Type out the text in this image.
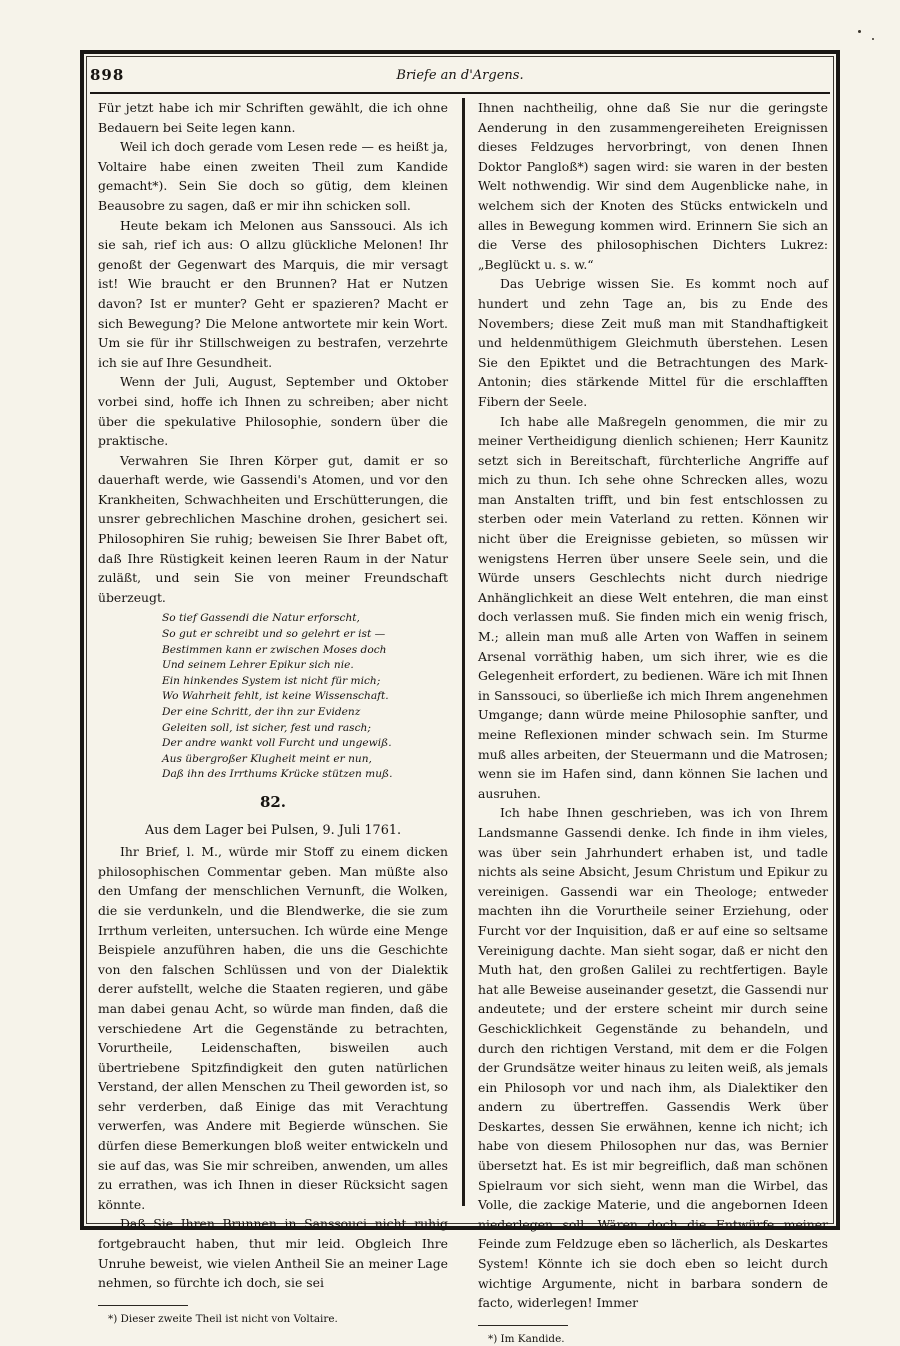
898	Briefe an d'Argens.

Für jetzt habe ich mir Schriften gewählt, die ich ohne Bedauern bei Seite legen kann.

Weil ich doch gerade vom Lesen rede — es heißt ja, Voltaire habe einen zweiten Theil zum Kandide gemacht*). Sein Sie doch so gütig, dem kleinen Beausobre zu sagen, daß er mir ihn schicken soll.

Heute bekam ich Melonen aus Sanssouci. Als ich sie sah, rief ich aus: O allzu glückliche Melonen! Ihr genoßt der Gegenwart des Marquis, die mir versagt ist! Wie braucht er den Brunnen? Hat er Nutzen davon? Ist er munter? Geht er spazieren? Macht er sich Bewegung? Die Melone antwortete mir kein Wort. Um sie für ihr Stillschweigen zu bestrafen, verzehrte ich sie auf Ihre Gesundheit.

Wenn der Juli, August, September und Oktober vorbei sind, hoffe ich Ihnen zu schreiben; aber nicht über die spekulative Philosophie, sondern über die praktische.

Verwahren Sie Ihren Körper gut, damit er so dauerhaft werde, wie Gassendi's Atomen, und vor den Krankheiten, Schwachheiten und Erschütterungen, die unsrer gebrechlichen Maschine drohen, gesichert sei. Philosophiren Sie ruhig; beweisen Sie Ihrer Babet oft, daß Ihre Rüstigkeit keinen leeren Raum in der Natur zuläßt, und sein Sie von meiner Freundschaft überzeugt.

So tief Gassendi die Natur erforscht,
So gut er schreibt und so gelehrt er ist —
Bestimmen kann er zwischen Moses doch
Und seinem Lehrer Epikur sich nie.
Ein hinkendes System ist nicht für mich;
Wo Wahrheit fehlt, ist keine Wissenschaft.
Der eine Schritt, der ihn zur Evidenz
Geleiten soll, ist sicher, fest und rasch;
Der andre wankt voll Furcht und ungewiß.
Aus übergroßer Klugheit meint er nun,
Daß ihn des Irrthums Krücke stützen muß.
82.
Aus dem Lager bei Pulsen, 9. Juli 1761.

Ihr Brief, l. M., würde mir Stoff zu einem dicken philosophischen Commentar geben. Man müßte also den Umfang der menschlichen Vernunft, die Wolken, die sie verdunkeln, und die Blendwerke, die sie zum Irrthum verleiten, untersuchen. Ich würde eine Menge Beispiele anzuführen haben, die uns die Geschichte von den falschen Schlüssen und von der Dialektik derer aufstellt, welche die Staaten regieren, und gäbe man dabei genau Acht, so würde man finden, daß die verschiedene Art die Gegenstände zu betrachten, Vorurtheile, Leidenschaften, bisweilen auch übertriebene Spitzfindigkeit den guten natürlichen Verstand, der allen Menschen zu Theil geworden ist, so sehr verderben, daß Einige das mit Verachtung verwerfen, was Andere mit Begierde wünschen. Sie dürfen diese Bemerkungen bloß weiter entwickeln und sie auf das, was Sie mir schreiben, anwenden, um alles zu errathen, was ich Ihnen in dieser Rücksicht sagen könnte.

Daß Sie Ihren Brunnen in Sanssouci nicht ruhig fortgebraucht haben, thut mir leid. Obgleich Ihre Unruhe beweist, wie vielen Antheil Sie an meiner Lage nehmen, so fürchte ich doch, sie sei

*) Dieser zweite Theil ist nicht von Voltaire.

Ihnen nachtheilig, ohne daß Sie nur die geringste Aenderung in den zusammengereiheten Ereignissen dieses Feldzuges hervorbringt, von denen Ihnen Doktor Pangloß*) sagen wird: sie waren in der besten Welt nothwendig. Wir sind dem Augenblicke nahe, in welchem sich der Knoten des Stücks entwickeln und alles in Bewegung kommen wird. Erinnern Sie sich an die Verse des philosophischen Dichters Lukrez: „Beglückt u. s. w.“

Das Uebrige wissen Sie. Es kommt noch auf hundert und zehn Tage an, bis zu Ende des Novembers; diese Zeit muß man mit Standhaftigkeit und heldenmüthigem Gleichmuth überstehen. Lesen Sie den Epiktet und die Betrachtungen des Mark-Antonin; dies stärkende Mittel für die erschlafften Fibern der Seele.

Ich habe alle Maßregeln genommen, die mir zu meiner Vertheidigung dienlich schienen; Herr Kaunitz setzt sich in Bereitschaft, fürchterliche Angriffe auf mich zu thun. Ich sehe ohne Schrecken alles, wozu man Anstalten trifft, und bin fest entschlossen zu sterben oder mein Vaterland zu retten. Können wir nicht über die Ereignisse gebieten, so müssen wir wenigstens Herren über unsere Seele sein, und die Würde unsers Geschlechts nicht durch niedrige Anhänglichkeit an diese Welt entehren, die man einst doch verlassen muß. Sie finden mich ein wenig frisch, M.; allein man muß alle Arten von Waffen in seinem Arsenal vorräthig haben, um sich ihrer, wie es die Gelegenheit erfordert, zu bedienen. Wäre ich mit Ihnen in Sanssouci, so überließe ich mich Ihrem angenehmen Umgange; dann würde meine Philosophie sanfter, und meine Reflexionen minder schwach sein. Im Sturme muß alles arbeiten, der Steuermann und die Matrosen; wenn sie im Hafen sind, dann können Sie lachen und ausruhen.

Ich habe Ihnen geschrieben, was ich von Ihrem Landsmanne Gassendi denke. Ich finde in ihm vieles, was über sein Jahrhundert erhaben ist, und tadle nichts als seine Absicht, Jesum Christum und Epikur zu vereinigen. Gassendi war ein Theologe; entweder machten ihn die Vorurtheile seiner Erziehung, oder Furcht vor der Inquisition, daß er auf eine so seltsame Vereinigung dachte. Man sieht sogar, daß er nicht den Muth hat, den großen Galilei zu rechtfertigen. Bayle hat alle Beweise auseinander gesetzt, die Gassendi nur andeutete; und der erstere scheint mir durch seine Geschicklichkeit Gegenstände zu behandeln, und durch den richtigen Verstand, mit dem er die Folgen der Grundsätze weiter hinaus zu leiten weiß, als jemals ein Philosoph vor und nach ihm, als Dialektiker den andern zu übertreffen. Gassendis Werk über Deskartes, dessen Sie erwähnen, kenne ich nicht; ich habe von diesem Philosophen nur das, was Bernier übersetzt hat. Es ist mir begreiflich, daß man schönen Spielraum vor sich sieht, wenn man die Wirbel, das Volle, die zackige Materie, und die angebornen Ideen niederlegen soll. Wären doch die Entwürfe meiner Feinde zum Feldzuge eben so lächerlich, als Deskartes System! Könnte ich sie doch eben so leicht durch wichtige Argumente, nicht in barbara sondern de facto, widerlegen! Immer

*) Im Kandide.
